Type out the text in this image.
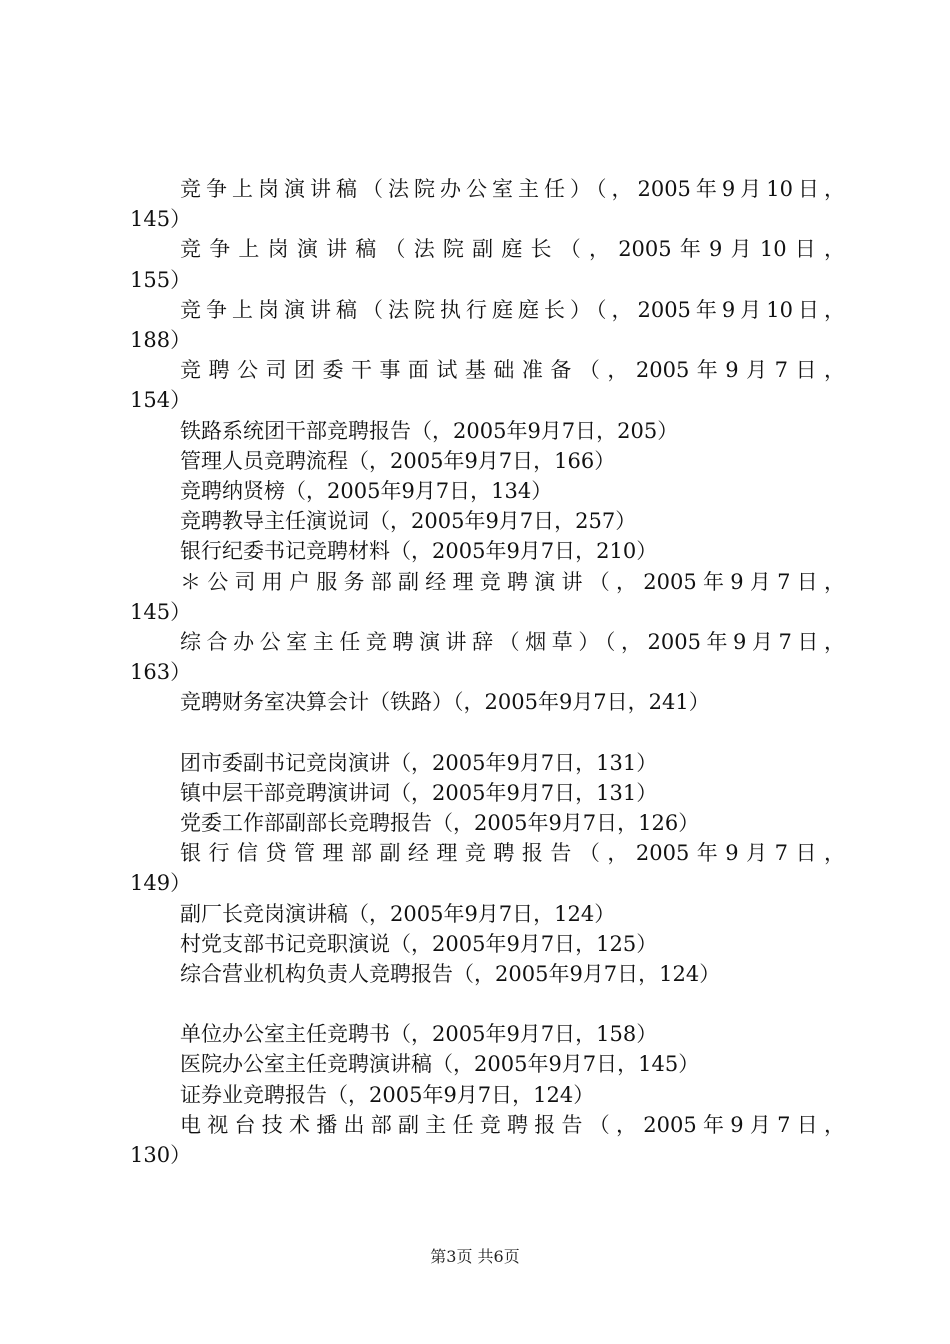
竞争上岗演讲稿（法院办公室主任）（，2005年9月10日，
145）

竞争上岗演讲稿（法院副庭长（，2005年9月10日，
155）

竞争上岗演讲稿（法院执行庭庭长）（，2005年9月10日，
188）

竞聘公司团委干事面试基础准备（，2005年9月7日，
154）

铁路系统团干部竞聘报告（，2005年9月7日，205）

管理人员竞聘流程（，2005年9月7日，166）

竞聘纳贤榜（，2005年9月7日，134）

竞聘教导主任演说词（，2005年9月7日，257）

银行纪委书记竞聘材料（，2005年9月7日，210）

＊公司用户服务部副经理竞聘演讲（，2005年9月7日，
145）

综合办公室主任竞聘演讲辞（烟草）（，2005年9月7日，
163）

竞聘财务室决算会计（铁路）（，2005年9月7日，241）

团市委副书记竞岗演讲（，2005年9月7日，131）

镇中层干部竞聘演讲词（，2005年9月7日，131）

党委工作部副部长竞聘报告（，2005年9月7日，126）

银行信贷管理部副经理竞聘报告（，2005年9月7日，
149）

副厂长竞岗演讲稿（，2005年9月7日，124）

村党支部书记竞职演说（，2005年9月7日，125）

综合营业机构负责人竞聘报告（，2005年9月7日，124）

单位办公室主任竞聘书（，2005年9月7日，158）

医院办公室主任竞聘演讲稿（，2005年9月7日，145）

证券业竞聘报告（，2005年9月7日，124）

电视台技术播出部副主任竞聘报告（，2005年9月7日，
130）

第3页 共6页
